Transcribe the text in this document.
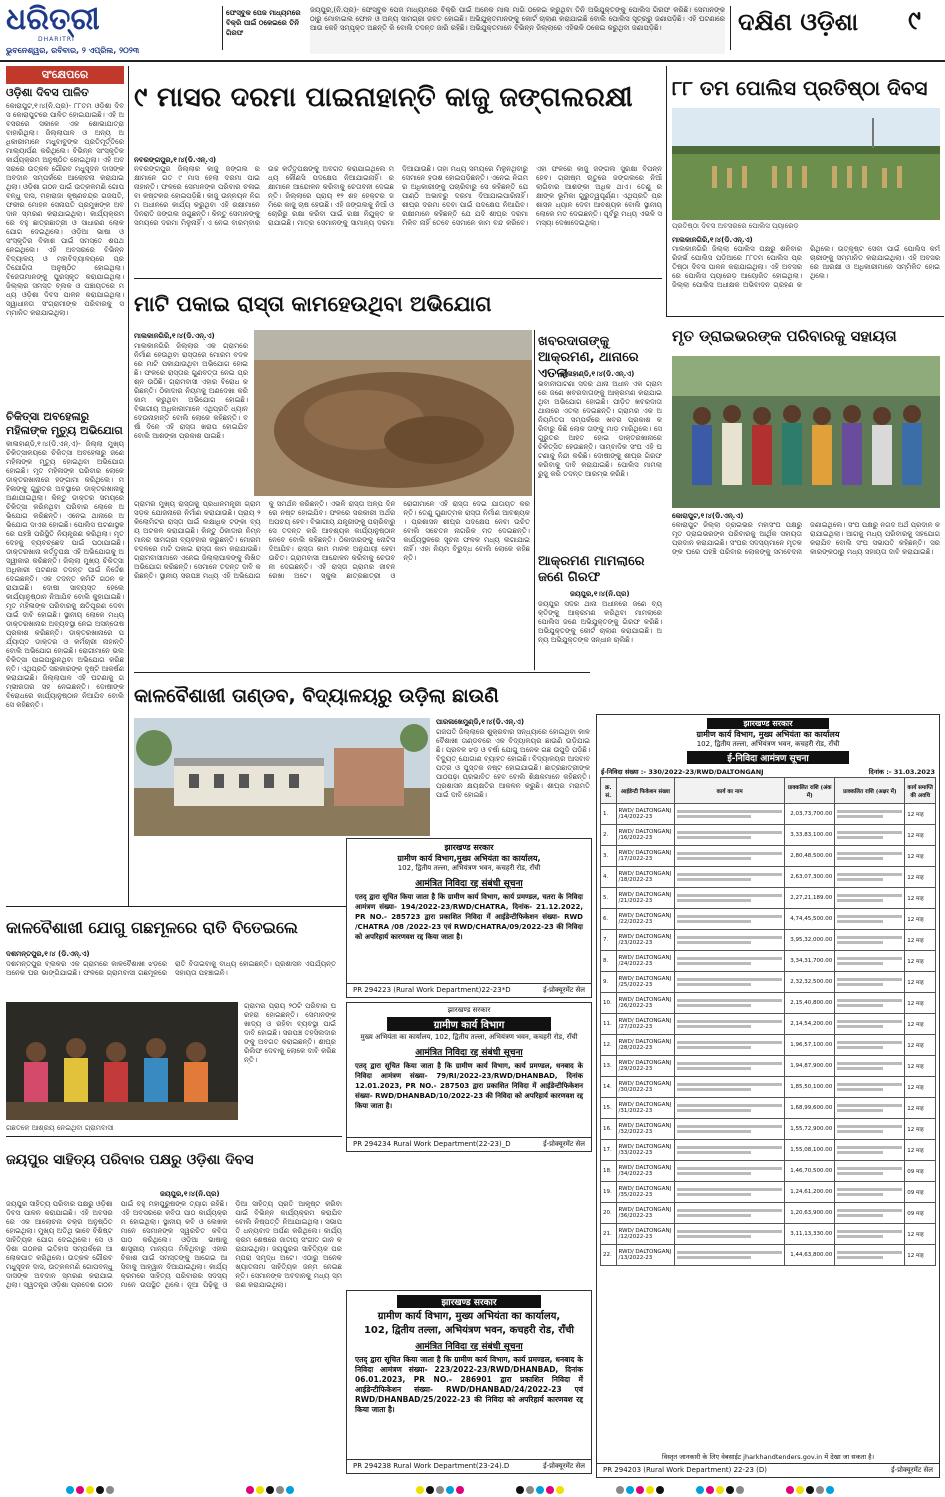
ଧରିତ୍ରୀ
DHARITRI
ଭୁବନେଶ୍ୱର, ରବିବାର, ୨ ଏପ୍ରିଲ, ୨୦୨୩
ଫେସ୍ବୁକ ପେଜ ମାଧ୍ୟମରେ ବିକ୍ରି ପାଇଁ ଠକେଇରେ ତିନି ଗିରଫ
ଜୟପୁର,(ନି.ପ୍ର)- ଫେସ୍ବୁକ ପେଜ ମାଧ୍ୟମରେ ବିକ୍ରି ପାଇଁ ଅନେକ ମାଲ ମାଗି ଠକେଇ କରୁଥିବା ତିନି ଅଭିଯୁକ୍ତଙ୍କୁ ପୋଲିସ ଗିରଫ କରିଛି। ସେମାନଙ୍କ ଠାରୁ ମୋବାଇଲ ଫୋନ ଓ ଅନ୍ୟ ସାମଗ୍ରୀ ଜବତ ହୋଇଛି। ଅଭିଯୁକ୍ତମାନଙ୍କୁ କୋର୍ଟ ଚାଲାଣ କରାଯାଇଛି ବୋଲି ପୋଲିସ ସୂତ୍ରରୁ ଜଣାପଡ଼ିଛି। ଏହି ଘଟଣାରେ ଆଉ କେହି ସମ୍ପୃକ୍ତ ଅଛନ୍ତି କି ବୋଲି ତଦନ୍ତ ଜାରି ରହିଛି। ଅଭିଯୁକ୍ତମାନେ ବିଭିନ୍ନ ଜିଲ୍ଲାରେ ଏହିଭଳି ଠକେଇ କରୁଥିବା ଜଣାପଡ଼ିଛି।	ଦକ୍ଷିଣ ଓଡ଼ିଶା ୯
ସଂକ୍ଷେପରେ
ଓଡ଼ିଶା ଦିବସ ପାଳିତ
କୋରାପୁଟ,୧।୪(ନି.ପ୍ର)- ୮୮ତମ ଓଡ଼ିଶା ଦିବସ କୋରାପୁଟରେ ପାଳିତ ହୋଇଯାଇଛି। ଏହି ଅବସରରେ ସକାଳେ ଏକ ଶୋଭାଯାତ୍ରା ବାହାରିଥିଲା। ଜିଲ୍ଲାପାଳ ଓ ଅନ୍ୟ ଅଧିକାରୀମାନେ ମଧୁବାବୁଙ୍କ ପ୍ରତିମୂର୍ତ୍ତିରେ ମାଲ୍ୟାର୍ପଣ କରିଥିଲେ। ବିଭିନ୍ନ ସାଂସ୍କୃତିକ କାର୍ଯ୍ୟକ୍ରମ ଅନୁଷ୍ଠିତ ହୋଇଥିଲା। ଏହି ଅବସରରେ ଉତ୍କଳ ଗୌରବ ମଧୁସୂଦନ ଦାସଙ୍କ ଅବଦାନ ସମ୍ପର୍କରେ ଆଲୋଚନା କରାଯାଇଥିଲା। ଓଡ଼ିଶା ଗଠନ ପାଇଁ ଉତ୍କଳମଣି ଗୋପବନ୍ଧୁ ଦାସ, ମହାରାଜା କୃଷ୍ଣଚନ୍ଦ୍ର ଗଜପତି, ଫକୀର ମୋହନ ସେନାପତି ପ୍ରମୁଖଙ୍କ ଅବଦାନ ସ୍ମରଣ କରାଯାଇଥିଲା। କାର୍ଯ୍ୟକ୍ରମରେ ବହୁ ଛାତ୍ରଛାତ୍ରୀ ଓ ସାଧାରଣ ଲୋକ ଯୋଗ ଦେଇଥିଲେ। ଓଡ଼ିଆ ଭାଷା ଓ ସଂସ୍କୃତିର ବିକାଶ ପାଇଁ ସମସ୍ତେ ଶପଥ ନେଇଥିଲେ। ଏହି ଅବସରରେ ବିଭିନ୍ନ ବିଦ୍ୟାଳୟ ଓ ମହାବିଦ୍ୟାଳୟରେ ପ୍ରତିଯୋଗିତା ଅନୁଷ୍ଠିତ ହୋଇଥିଲା। ବିଜେତାମାନଙ୍କୁ ପୁରସ୍କୃତ କରାଯାଇଥିଲା। ଜିଲ୍ଲାର ସମସ୍ତ ବ୍ଲକ ଓ ପଞ୍ଚାୟତରେ ମଧ୍ୟ ଓଡ଼ିଶା ଦିବସ ପାଳନ କରାଯାଇଥିଲା। ସ୍ୱାଧୀନତା ସଂଗ୍ରାମୀଙ୍କ ପରିବାରକୁ ସମ୍ମାନିତ କରାଯାଇଥିଲା।
ଚିକିତ୍ସା ଅବହେଳାରୁ ମହିଳାଙ୍କ ମୃତ୍ୟୁ ଅଭିଯୋଗ
କାଳାହାଣ୍ଡି,୧।୪(ଡି.ଏନ୍.ଏ)- ଜିଲ୍ଲା ମୁଖ୍ୟ ଚିକିତ୍ସାଳୟରେ ଚିକିତ୍ସା ଅବହେଳାରୁ ଜଣେ ମହିଳାଙ୍କ ମୃତ୍ୟୁ ହୋଇଥିବା ଅଭିଯୋଗ ହୋଇଛି। ମୃତ ମହିଳାଙ୍କ ପରିବାର ଲୋକେ ଡାକ୍ତରଖାନାରେ ହଙ୍ଗାମା କରିଥିଲେ। ମହିଳାଙ୍କୁ ଗୁରୁତର ଅବସ୍ଥାରେ ଡାକ୍ତରଖାନାକୁ ଅଣାଯାଇଥିଲା। କିନ୍ତୁ ଡାକ୍ତର ସମୟରେ ଚିକିତ୍ସା କରିନଥିବା ପରିବାର ଲୋକେ ଅଭିଯୋଗ କରିଛନ୍ତି। ଏନେଇ ଥାନାରେ ଅଭିଯୋଗ ଦାଏର ହୋଇଛି। ପୋଲିସ ଘଟଣାସ୍ଥଳରେ ପହଞ୍ଚି ପରିସ୍ଥିତି ନିୟନ୍ତ୍ରଣ କରିଥିଲା। ମୃତଦେହକୁ ବ୍ୟବଚ୍ଛେଦ ପାଇଁ ପଠାଯାଇଛି। ଡାକ୍ତରଖାନା କର୍ତ୍ତୃପକ୍ଷ ଏହି ଅଭିଯୋଗକୁ ଅସ୍ୱୀକାର କରିଛନ୍ତି। ଜିଲ୍ଲା ମୁଖ୍ୟ ଚିକିତ୍ସା ଅଧିକାରୀ ଘଟଣାର ତଦନ୍ତ ପାଇଁ ନିର୍ଦ୍ଦେଶ ଦେଇଛନ୍ତି। ଏକ ତଦନ୍ତ କମିଟି ଗଠନ କରାଯାଇଛି। ଦୋଷୀ ସାବ୍ୟସ୍ତ ହେଲେ କାର୍ଯ୍ୟାନୁଷ୍ଠାନ ନିଆଯିବ ବୋଲି କୁହାଯାଇଛି। ମୃତ ମହିଳାଙ୍କ ପରିବାରକୁ କ୍ଷତିପୂରଣ ଦେବା ପାଇଁ ଦାବି ହୋଇଛି। ସ୍ଥାନୀୟ ଲୋକେ ମଧ୍ୟ ଡାକ୍ତରଖାନାର ଅବ୍ୟବସ୍ଥା ନେଇ ଅସନ୍ତୋଷ ପ୍ରକାଶ କରିଛନ୍ତି। ଡାକ୍ତରଖାନାରେ ପର୍ଯ୍ୟାପ୍ତ ଡାକ୍ତର ଓ କର୍ମଚାରୀ ନାହାନ୍ତି ବୋଲି ଅଭିଯୋଗ ହୋଇଛି। ରୋଗୀମାନେ ଭଲ ଚିକିତ୍ସା ପାଇପାରୁନଥିବା ଅଭିଯୋଗ କରିଛନ୍ତି। ଏଥିପ୍ରତି ସରକାରଙ୍କ ଦୃଷ୍ଟି ଆକର୍ଷଣ କରାଯାଇଛି। ଜିଲ୍ଲାପାଳ ଏହି ଘଟଣାକୁ ଗମ୍ଭୀରତାର ସହ ନେଇଛନ୍ତି। ଦୋଷୀଙ୍କ ବିରୋଧରେ କାର୍ଯ୍ୟାନୁଷ୍ଠାନ ନିଆଯିବ ବୋଲି ସେ କହିଛନ୍ତି।
୯ ମାସର ଦରମା ପାଇନାହାନ୍ତି କାଜୁ ଜଙ୍ଗଲରକ୍ଷୀ
ନବରଙ୍ଗପୁର,୧।୪(ଡି.ଏନ୍.ଏ)
ନବରଙ୍ଗପୁର ଜିଲ୍ଲାର କାଜୁ ଜଙ୍ଗଲ ରକ୍ଷୀମାନେ ଗତ ୯ ମାସ ହେଲା ଦରମା ପାଇନାହାନ୍ତି। ଫଳରେ ସେମାନଙ୍କ ପରିବାର ଚଳାଇବା କଷ୍ଟକର ହୋଇପଡ଼ିଛି। କାଜୁ ଉନ୍ନୟନ ନିଗମ ଅଧୀନରେ କାର୍ଯ୍ୟ କରୁଥିବା ଏହି ରକ୍ଷୀମାନେ ଦିନରାତି ଜଙ୍ଗଲ ଜଗୁଛନ୍ତି। କିନ୍ତୁ ସେମାନଙ୍କୁ ସମୟରେ ଦରମା ମିଳୁନାହିଁ। ଏ ନେଇ ବାରମ୍ବାର ଉଚ୍ଚ କର୍ତ୍ତୃପକ୍ଷଙ୍କୁ ଅବଗତ କରାଯାଇଥିଲେ ମଧ୍ୟ କୌଣସି ପଦକ୍ଷେପ ନିଆଯାଇନାହିଁ। ରକ୍ଷୀମାନେ ଆନ୍ଦୋଳନ କରିବାକୁ ଚେତାବନୀ ଦେଇଛନ୍ତି। ଜିଲ୍ଲାରେ ପ୍ରାୟ ୧୨ ଶହ ହେକ୍ଟର ଜମିରେ କାଜୁ ଚାଷ ହେଉଛି। ଏହି ଜଙ୍ଗଲକୁ ନିଆଁ ଓ ଚୋରିରୁ ରକ୍ଷା କରିବା ପାଇଁ ରକ୍ଷୀ ନିଯୁକ୍ତ କରାଯାଇଛି। ମାତ୍ର ସେମାନଙ୍କୁ ସାମାନ୍ୟ ଦରମା ଦିଆଯାଉଛି। ତାହା ମଧ୍ୟ ସମୟରେ ମିଳୁନଥିବାରୁ ସେମାନେ ହତାଶ ହୋଇପଡ଼ିଛନ୍ତି। ଏନେଇ ନିଗମର ଅଧିକାରୀଙ୍କୁ ପଚାରିବାରୁ ସେ କହିଛନ୍ତି ଯେ ପାଣ୍ଠି ଅଭାବରୁ ଦରମା ଦିଆଯାଇପାରିନାହିଁ। ଶୀଘ୍ର ଦରମା ଦେବା ପାଇଁ ପଦକ୍ଷେପ ନିଆଯିବ। ରକ୍ଷୀମାନେ କହିଛନ୍ତି ଯେ ଯଦି ଶୀଘ୍ର ଦରମା ମିଳିବ ନାହିଁ ତେବେ ସେମାନେ କାମ ବନ୍ଦ କରିବେ। ଏହା ଫଳରେ କାଜୁ ଜଙ୍ଗଲ ସୁରକ୍ଷା ବିପନ୍ନ ହେବ। ଗ୍ରୀଷ୍ମ ଋତୁରେ ଜଙ୍ଗଲରେ ନିଆଁ ଲାଗିବାର ଆଶଙ୍କା ଅଧିକ ଥାଏ। ତେଣୁ ରକ୍ଷୀଙ୍କ ଭୂମିକା ଗୁରୁତ୍ୱପୂର୍ଣ୍ଣ। ଏଥିପ୍ରତି ପ୍ରଶାସନ ଧ୍ୟାନ ଦେବା ଆବଶ୍ୟକ ବୋଲି ସ୍ଥାନୀୟ ଲୋକେ ମତ ଦେଇଛନ୍ତି। ପୂର୍ବରୁ ମଧ୍ୟ ଏଭଳି ସମସ୍ୟା ଦେଖାଦେଇଥିଲା।
୮୮ ତମ ପୋଲିସ ପ୍ରତିଷ୍ଠା ଦିବସ
ପ୍ରତିଷ୍ଠା ଦିବସ ଅବସରରେ ପୋଲିସ ପ୍ୟାରେଡ଼
ମାଲକାନଗିରି,୧।୪(ଡି.ଏନ୍.ଏ)
ମାଲକାନଗିରି ଜିଲ୍ଲା ପୋଲିସ ପକ୍ଷରୁ ଶନିବାର ରିଜର୍ଭ ପୋଲିସ ପଡ଼ିଆରେ ୮୮ତମ ପୋଲିସ ପ୍ରତିଷ୍ଠା ଦିବସ ପାଳନ କରାଯାଇଥିଲା। ଏହି ଅବସରରେ ପୋଲିସ ପ୍ୟାରେଡ଼ ଆୟୋଜିତ ହୋଇଥିଲା। ଜିଲ୍ଲା ପୋଲିସ ଅଧୀକ୍ଷକ ଅଭିବାଦନ ଗ୍ରହଣ କରିଥିଲେ। ଉତ୍କୃଷ୍ଟ ସେବା ପାଇଁ ପୋଲିସ କର୍ମଚାରୀଙ୍କୁ ସମ୍ମାନିତ କରାଯାଇଥିଲା। ଏହି ଅବସରରେ ଆରକ୍ଷୀ ଓ ଅଧିକାରୀମାନେ ସମ୍ମିଳିତ ହୋଇଥିଲେ।
ମାଟି ପକାଇ ରାସ୍ତା କାମହେଉଥିବା ଅଭିଯୋଗ
ମାଲକାନଗିରି,୧।୪(ଡି.ଏନ୍.ଏ)
ମାଲକାନଗିରି ଜିଲ୍ଲାର ଏକ ଗ୍ରାମରେ ନିର୍ମାଣ ହେଉଥିବା ରାସ୍ତାରେ ମୋରମ ବଦଳରେ ମାଟି ପକାଯାଉଥିବା ଅଭିଯୋଗ ହୋଇଛି। ଫଳରେ ରାସ୍ତାର ଗୁଣବତ୍ତା ନେଇ ପ୍ରଶ୍ନ ଉଠିଛି। ଗ୍ରାମବାସୀ ଏହାର ବିରୋଧ କରିଛନ୍ତି। ଠିକାଦାର ନିୟମକୁ ଅଣଦେଖା କରି କାମ କରୁଥିବା ଅଭିଯୋଗ ହୋଇଛି। ବିଭାଗୀୟ ଅଧିକାରୀମାନେ ଏଥିପ୍ରତି ଧ୍ୟାନ ଦେଉନାହାନ୍ତି ବୋଲି ଲୋକେ କହିଛନ୍ତି। ବର୍ଷା ଦିନେ ଏହି ରାସ୍ତା ଖରାପ ହୋଇଯିବ ବୋଲି ଆଶଙ୍କା ପ୍ରକାଶ ପାଇଛି।
ଗ୍ରାମର ମୁଖ୍ୟ ରାସ୍ତାକୁ ପ୍ରଧାନମନ୍ତ୍ରୀ ଗ୍ରାମ ସଡ଼କ ଯୋଜନାରେ ନିର୍ମାଣ କରାଯାଉଛି। ପ୍ରାୟ ୨ କିଲୋମିଟର ରାସ୍ତା ପାଇଁ ଲକ୍ଷାଧିକ ଟଙ୍କା ବ୍ୟୟ ଅଟକଳ କରାଯାଇଛି। କିନ୍ତୁ ଠିକାଦାର ନିମ୍ନମାନର ସାମଗ୍ରୀ ବ୍ୟବହାର କରୁଛନ୍ତି। ମୋରମ ବଦଳରେ ମାଟି ପକାଇ ରାସ୍ତା କାମ କରାଯାଉଛି। ଗ୍ରାମବାସୀମାନେ ଏନେଇ ଜିଲ୍ଲାପାଳଙ୍କୁ ଲିଖିତ ଅଭିଯୋଗ କରିଛନ୍ତି। ସେମାନେ ତଦନ୍ତ ଦାବି କରିଛନ୍ତି। ସ୍ଥାନୀୟ ସରପଞ୍ଚ ମଧ୍ୟ ଏହି ଅଭିଯୋଗକୁ ସମର୍ଥନ କରିଛନ୍ତି। ଏଭଳି ରାସ୍ତା ଅଳ୍ପ ଦିନରେ ନଷ୍ଟ ହୋଇଯିବ। ଫଳରେ ସରକାରୀ ଅର୍ଥର ଅପଚୟ ହେବ। ବିଭାଗୀୟ ଯନ୍ତ୍ରୀଙ୍କୁ ପଚାରିବାରୁ ସେ ତଦନ୍ତ କରି ଆବଶ୍ୟକ କାର୍ଯ୍ୟାନୁଷ୍ଠାନ ନେବେ ବୋଲି କହିଛନ୍ତି। ଠିକାଦାରଙ୍କୁ ନୋଟିସ ଦିଆଯିବ। ରାସ୍ତା କାମ ମାନକ ଅନୁଯାୟୀ ହେବା ଉଚିତ। ଗ୍ରାମବାସୀ ଆନ୍ଦୋଳନ କରିବାକୁ ଚେତାବନୀ ଦେଇଛନ୍ତି। ଏହି ରାସ୍ତା ଗ୍ରାମର ଜୀବନରେଖା ଅଟେ। ସ୍କୁଲ ଛାତ୍ରଛାତ୍ରୀ ଓ ରୋଗୀମାନେ ଏହି ରାସ୍ତା ଦେଇ ଯାତାୟତ କରନ୍ତି। ତେଣୁ ଗୁଣାତ୍ମକ ରାସ୍ତା ନିର୍ମାଣ ଆବଶ୍ୟକ। ପ୍ରଶାସନ ଶୀଘ୍ର ପଦକ୍ଷେପ ନେବା ଉଚିତ ବୋଲି ସଚେତନ ନାଗରିକ ମତ ଦେଇଛନ୍ତି। କାର୍ଯ୍ୟସ୍ଥଳରେ ସୂଚନା ଫଳକ ମଧ୍ୟ ଲଗାଯାଇନାହିଁ। ଏହା ନିୟମ ବିରୁଦ୍ଧ ବୋଲି ଲୋକେ କହିଛନ୍ତି।
ଖବରଦାତାଙ୍କୁ ଆକ୍ରମଣ, ଥାନାରେ ଏତଲା
କାଳାହାଣ୍ଡି,୧।୪(ଡି.ଏନ୍.ଏ)
ଭବାନୀପାଟଣା ସଦର ଥାନା ଅଧୀନ ଏକ ଗ୍ରାମରେ ଜଣେ ଖବରଦାତାଙ୍କୁ ଆକ୍ରମଣ କରାଯାଇଥିବା ଅଭିଯୋଗ ହୋଇଛି। ପୀଡ଼ିତ ଖବରଦାତା ଥାନାରେ ଏତଲା ଦେଇଛନ୍ତି। ଗ୍ରାମର ଏକ ଅନିୟମିତତା ସମ୍ପର୍କରେ ଖବର ପ୍ରକାଶ କରିବାରୁ କିଛି ଲୋକ ତାଙ୍କୁ ମାଡ଼ ମାରିଥିଲେ। ସେ ଗୁରୁତର ଆହତ ହୋଇ ଡାକ୍ତରଖାନାରେ ଚିକିତ୍ସିତ ହେଉଛନ୍ତି। ସାମ୍ବାଦିକ ସଂଘ ଏହି ଘଟଣାକୁ ନିନ୍ଦା କରିଛି। ଦୋଷୀଙ୍କୁ ଶୀଘ୍ର ଗିରଫ କରିବାକୁ ଦାବି କରାଯାଇଛି। ପୋଲିସ ମାମଲା ରୁଜୁ କରି ତଦନ୍ତ ଆରମ୍ଭ କରିଛି।
ଆକ୍ରମଣ ମାମଲାରେ ଜଣେ ଗିରଫ
ଜୟପୁର,୧।୪(ନି.ପ୍ର)
ଜୟପୁର ସଦର ଥାନା ଅଧୀନରେ ଜଣେ ବ୍ୟକ୍ତିଙ୍କୁ ଆକ୍ରମଣ କରିଥିବା ମାମଲାରେ ପୋଲିସ ଜଣେ ଅଭିଯୁକ୍ତଙ୍କୁ ଗିରଫ କରିଛି। ଅଭିଯୁକ୍ତଙ୍କୁ କୋର୍ଟ ଚାଲାଣ କରାଯାଇଛି। ଅନ୍ୟ ଅଭିଯୁକ୍ତଙ୍କ ସନ୍ଧାନ ଚାଲିଛି।
ମୃତ ଡ୍ରାଇଭରଙ୍କ ପରିବାରକୁ ସହାୟତା
କୋରାପୁଟ,୧।୪(ଡି.ଏନ୍.ଏ)
କୋରାପୁଟ ଜିଲ୍ଲା ଡ୍ରାଇଭର ମହାସଂଘ ପକ୍ଷରୁ ମୃତ ଡ୍ରାଇଭରଙ୍କ ପରିବାରକୁ ଆର୍ଥିକ ସହାୟତା ପ୍ରଦାନ କରାଯାଇଛି। ସଂଘର ସଦସ୍ୟମାନେ ମୃତକଙ୍କ ଘରେ ପହଞ୍ଚି ପରିବାର ଲୋକଙ୍କୁ ସମବେଦନା ଜଣାଇଥିଲେ। ସଂଘ ପକ୍ଷରୁ ନଗଦ ଅର୍ଥ ପ୍ରଦାନ କରାଯାଇଥିଲା। ଆଗକୁ ମଧ୍ୟ ପରିବାରକୁ ସହଯୋଗ କରାଯିବ ବୋଲି ସଂଘ ସଭାପତି କହିଛନ୍ତି। ସରକାରଙ୍କଠାରୁ ମଧ୍ୟ ସହାୟତା ଦାବି କରାଯାଇଛି।
କାଳବୈଶାଖୀ ତାଣ୍ଡବ, ବିଦ୍ୟାଳୟରୁ ଉଡ଼ିଲା ଛାଉଣି
ପାରଳାଖେମୁଣ୍ଡି,୧।୪(ଡି.ଏନ୍.ଏ)
ଗଜପତି ଜିଲ୍ଲାରେ ଶୁକ୍ରବାର ସନ୍ଧ୍ୟାରେ ହୋଇଥିବା କାଳବୈଶାଖୀ ତାଣ୍ଡବରେ ଏକ ବିଦ୍ୟାଳୟର ଛାଉଣି ଉଡ଼ିଯାଇଛି। ପ୍ରବଳ ଝଡ଼ ଓ ବର୍ଷା ଯୋଗୁ ଅନେକ ଗଛ ଉପୁଡ଼ି ପଡ଼ିଛି। ବିଦ୍ୟୁତ୍ ଯୋଗାଣ ବ୍ୟାହତ ହୋଇଛି। ବିଦ୍ୟାଳୟର ଆସବାବପତ୍ର ଓ ପୁସ୍ତକ ନଷ୍ଟ ହୋଇଯାଇଛି। ଛାତ୍ରଛାତ୍ରୀଙ୍କ ପାଠପଢ଼ା ପ୍ରଭାବିତ ହେବ ବୋଲି ଶିକ୍ଷକମାନେ କହିଛନ୍ତି। ପ୍ରଶାସନ କ୍ଷୟକ୍ଷତିର ଆକଳନ କରୁଛି। ଶୀଘ୍ର ମରାମତି ପାଇଁ ଦାବି ହୋଇଛି।
କାଳବୈଶାଖୀ ଯୋଗୁ ଗଛମୂଳରେ ରାତି ବିତେଇଲେ
ଦଶମନ୍ତପୁର,୧।୪ (ଡି.ଏନ୍.ଏ)
ଦଶମନ୍ତପୁର ବ୍ଲକର ଏକ ଗ୍ରାମରେ କାଳବୈଶାଖୀ ଝଡ଼ରେ ଅନେକ ଘର ଭାଙ୍ଗିଯାଇଛି। ଫଳରେ ଗ୍ରାମବାସୀ ଗଛମୂଳରେ ରାତି ବିତାଇବାକୁ ବାଧ୍ୟ ହୋଇଛନ୍ତି। ପ୍ରଶାସନ ଏପର୍ଯ୍ୟନ୍ତ ସହାୟତା ପହଞ୍ଚାଇନି।
ଗଛତଳେ ଆଶ୍ରୟ ନେଇଥିବା ଗ୍ରାମବାସୀ
ଗ୍ରାମର ପ୍ରାୟ ୨୦ଟି ପରିବାର ଘରହରା ହୋଇଛନ୍ତି। ସେମାନଙ୍କ ଖାଦ୍ୟ ଓ ରହିବା ବ୍ୟବସ୍ଥା ପାଇଁ ଦାବି ହୋଇଛି। ସରପଞ୍ଚ ତହସିଲଦାରଙ୍କୁ ଅବଗତ କରାଇଛନ୍ତି। ଶୀଘ୍ର ରିଲିଫ ଦେବାକୁ ଲୋକେ ଦାବି କରିଛନ୍ତି।
ଜୟପୁର ସାହିତ୍ୟ ପରିବାର ପକ୍ଷରୁ ଓଡ଼ିଶା ଦିବସ
ଜୟପୁର,୧।୪(ନି.ପ୍ର)
ଜୟପୁର ସାହିତ୍ୟ ପରିବାର ପକ୍ଷରୁ ଓଡ଼ିଶା ଦିବସ ପାଳନ କରାଯାଇଛି। ଏହି ଅବସରରେ ଏକ ଆଲୋଚନା ଚକ୍ର ଅନୁଷ୍ଠିତ ହୋଇଥିଲା। ମୁଖ୍ୟ ଅତିଥି ଭାବେ ବିଶିଷ୍ଟ ସାହିତ୍ୟିକ ଯୋଗ ଦେଇଥିଲେ। ସେ ଓଡ଼ିଶା ଗଠନର ଇତିହାସ ସମ୍ପର୍କରେ ଆଲୋକପାତ କରିଥିଲେ। ଉତ୍କଳ ଗୌରବ ମଧୁସୂଦନ ଦାସ, ଉତ୍କଳମଣି ଗୋପବନ୍ଧୁ ଦାସଙ୍କ ଅବଦାନ ସ୍ମରଣ କରାଯାଇଥିଲା। ସ୍ୱତନ୍ତ୍ର ଓଡ଼ିଶା ପ୍ରଦେଶ ଗଠନ ପାଇଁ ବହୁ ମହାପୁରୁଷଙ୍କ ତ୍ୟାଗ ରହିଛି। ଏହି ଅବସରରେ କବିତା ପାଠ କାର୍ଯ୍ୟକ୍ରମ ହୋଇଥିଲା। ସ୍ଥାନୀୟ କବି ଓ ଲେଖକମାନେ ସେମାନଙ୍କ ସ୍ୱରଚିତ କବିତା ପାଠ କରିଥିଲେ। ଓଡ଼ିଆ ଭାଷାକୁ ଶାସ୍ତ୍ରୀୟ ମାନ୍ୟତା ମିଳିଥିବାରୁ ଏହାର ବିକାଶ ପାଇଁ ସମସ୍ତଙ୍କୁ ଆଗେଇ ଆସିବାକୁ ଆହ୍ୱାନ ଦିଆଯାଇଥିଲା। କାର୍ଯ୍ୟକ୍ରମରେ ସାହିତ୍ୟ ପରିବାରର ସଦସ୍ୟମାନେ ଉପସ୍ଥିତ ଥିଲେ। ନୂଆ ପିଢ଼ିକୁ ଓଡ଼ିଆ ସାହିତ୍ୟ ପ୍ରତି ଆକୃଷ୍ଟ କରିବା ପାଇଁ ବିଭିନ୍ନ କାର୍ଯ୍ୟକ୍ରମ କରାଯିବ ବୋଲି ନିଷ୍ପତ୍ତି ନିଆଯାଇଥିଲା। ସଭାପତି ଧନ୍ୟବାଦ ଅର୍ପଣ କରିଥିଲେ। କାର୍ଯ୍ୟକ୍ରମ ଶେଷରେ ଜାତୀୟ ସଂଗୀତ ଗାନ କରାଯାଇଥିଲା। ଜୟପୁରର ସାହିତ୍ୟିକ ପରମ୍ପରା ସମୃଦ୍ଧ ଅଟେ। ଏଠାରୁ ଅନେକ ଖ୍ୟାତନାମା ସାହିତ୍ୟିକ ଜନ୍ମ ନେଇଛନ୍ତି। ସେମାନଙ୍କ ଅବଦାନକୁ ମଧ୍ୟ ସ୍ମରଣ କରାଯାଇଥିଲା।
झारखण्ड सरकार
ग्रामीण कार्य विभाग,मुख्य अभियंता का कार्यालय,
102, द्वितीय तल्ला, अभियंत्रण भवन, कचहरी रोड, राँची
आमंत्रित निविदा रद्द संबंधी सूचना
एतद् द्वारा सूचित किया जाता है कि ग्रामीण कार्य विभाग, कार्य प्रमण्डल, चतरा के निविदा आमंत्रण संख्या- 194/2022-23/RWD/CHATRA, दिनांक- 21.12.2022, PR NO.- 285723 द्वारा प्रकाशित निविदा में आईडेन्टीफिकेशन संख्या- RWD /CHATRA /08 /2022-23 एवं RWD/CHATRA/09/2022-23 की निविदा को अपरिहार्य कारणवश रद्द किया जाता है।
PR 294223 (Rural Work Department)22-23*D	ई-प्रोक्यूरमेंट सेल
झारखण्ड सरकार
ग्रामीण कार्य विभाग
मुख्य अभियंता का कार्यालय, 102, द्वितीय तल्ला, अभियंत्रण भवन, कचहरी रोड, राँची
आमंत्रित निविदा रद्द संबंधी सूचना
एतद् द्वारा सूचित किया जाता है कि ग्रामीण कार्य विभाग, कार्य प्रमण्डल, धनबाद के निविदा आमंत्रण संख्या- 79/RI/2022-23/RWD/DHANBAD, दिनांक 12.01.2023, PR NO.- 287503 द्वारा प्रकाशित निविदा में आईडेन्टीफिकेशन संख्या- RWD/DHANBAD/10/2022-23 की निविदा को अपरिहार्य कारणवश रद्द किया जाता है।
PR 294234 Rural Work Department(22-23)_D	ई-प्रोक्यूरमेंट सेल
झारखण्ड सरकार
ग्रामीण कार्य विभाग, मुख्य अभियंता का कार्यालय,
102, द्वितीय तल्ला, अभियंत्रण भवन, कचहरी रोड, राँची
आमंत्रित निविदा रद्द संबंधी सूचना
एतद् द्वारा सूचित किया जाता है कि ग्रामीण कार्य विभाग, कार्य प्रमण्डल, धनबाद के निविदा आमंत्रण संख्या- 223/2022-23/RWD/DHANBAD, दिनांक 06.01.2023, PR NO.- 286901 द्वारा प्रकाशित निविदा में आईडेन्टीफिकेशन संख्या- RWD/DHANBAD/24/2022-23 एवं RWD/DHANBAD/25/2022-23 की निविदा को अपरिहार्य कारणवश रद्द किया जाता है।
PR 294238 Rural Work Department(23-24).D	ई-प्रोक्यूरमेंट सेल
झारखण्ड सरकार
ग्रामीण कार्य विभाग, मुख्य अभियंता का कार्यालय
102, द्वितीय तल्ला, अभियंत्रण भवन, कचहरी रोड, राँची
ई-निविदा आमंत्रण सूचना
ई-निविदा संख्या :- 330/2022-23/RWD/DALTONGANJ	दिनांक :- 31.03.2023
क्र. सं.	आईडेन्टी फिकेशन संख्या	कार्य का नाम	प्राक्कलित राशि (अंक में)	प्राक्कलित राशि (अक्षर में)	कार्य समाप्ति की अवधि
1.	RWD/ DALTONGANJ /14/2022-23		2,03,73,700.00		12 माह
2.	RWD/ DALTONGANJ /16/2022-23		3,33,83,100.00		12 माह
3.	RWD/ DALTONGANJ /17/2022-23		2,80,48,500.00		12 माह
4.	RWD/ DALTONGANJ /18/2022-23		2,63,07,300.00		12 माह
5.	RWD/ DALTONGANJ /21/2022-23		2,27,21,189.00		12 माह
6.	RWD/ DALTONGANJ /22/2022-23		4,74,45,500.00		12 माह
7.	RWD/ DALTONGANJ /23/2022-23		3,95,32,000.00		12 माह
8.	RWD/ DALTONGANJ /24/2022-23		3,34,31,700.00		12 माह
9.	RWD/ DALTONGANJ /25/2022-23		2,32,32,500.00		12 माह
10.	RWD/ DALTONGANJ /26/2022-23		2,15,40,800.00		12 माह
11.	RWD/ DALTONGANJ /27/2022-23		2,14,54,200.00		12 माह
12.	RWD/ DALTONGANJ /28/2022-23		1,96,57,100.00		12 माह
13.	RWD/ DALTONGANJ /29/2022-23		1,94,87,900.00		12 माह
14.	RWD/ DALTONGANJ /30/2022-23		1,85,50,100.00		12 माह
15.	RWD/ DALTONGANJ /31/2022-23		1,68,99,600.00		12 माह
16.	RWD/ DALTONGANJ /32/2022-23		1,55,72,900.00		12 माह
17.	RWD/ DALTONGANJ /33/2022-23		1,55,08,100.00		12 माह
18.	RWD/ DALTONGANJ /34/2022-23		1,46,70,500.00		09 माह
19.	RWD/ DALTONGANJ /35/2022-23		1,24,61,200.00		09 माह
20.	RWD/ DALTONGANJ /36/2022-23		1,20,63,900.00		09 माह
21.	RWD/ DALTONGANJ /12/2022-23		3,11,13,330.00		12 माह
22.	RWD/ DALTONGANJ /13/2022-23		1,44,63,800.00		12 माह
विस्तृत जानकारी के लिए वेबसाईट jharkhandtenders.gov.in में देखा जा सकता है।
PR 294203 (Rural Work Department) 22-23 (D)	ई-प्रोक्यूरमेंट सेल
